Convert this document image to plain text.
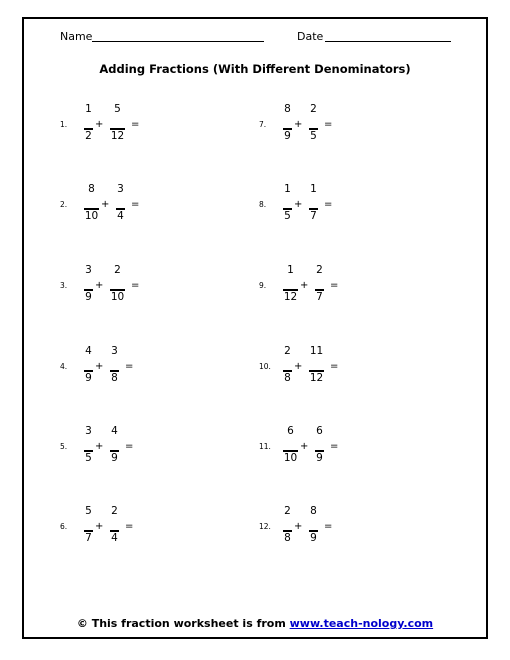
Name	Date
Adding Fractions (With Different Denominators)
1.
1
2
+
5
12
=
2.
8
10
+
3
4
=
3.
3
9
+
2
10
=
4.
4
9
+
3
8
=
5.
3
5
+
4
9
=
6.
5
7
+
2
4
=
7.
8
9
+
2
5
=
8.
1
5
+
1
7
=
9.
1
12
+
2
7
=
10.
2
8
+
11
12
=
11.
6
10
+
6
9
=
12.
2
8
+
8
9
=
© This fraction worksheet is from www.teach-nology.com
